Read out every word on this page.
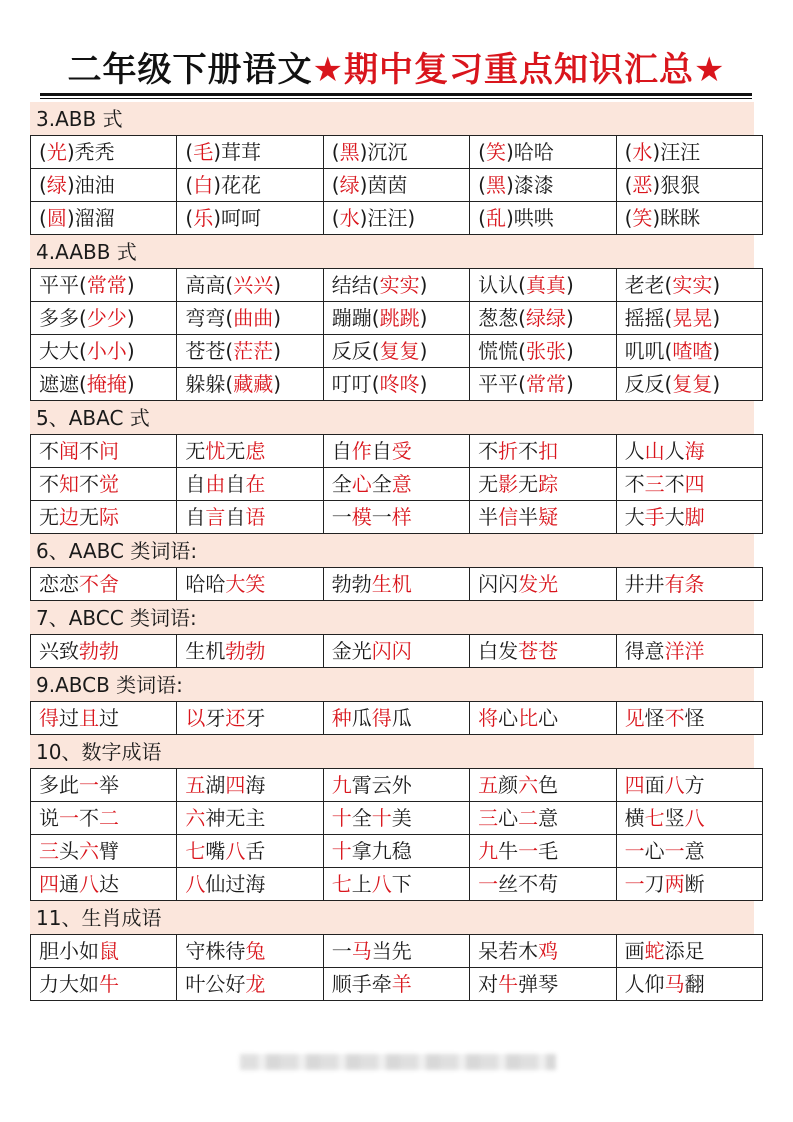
二年级下册语文★期中复习重点知识汇总★
3.ABB 式
(光)秃秃	(毛)茸茸	(黑)沉沉	(笑)哈哈	(水)汪汪
(绿)油油	(白)花花	(绿)茵茵	(黑)漆漆	(恶)狠狠
(圆)溜溜	(乐)呵呵	(水)汪汪)	(乱)哄哄	(笑)眯眯
4.AABB 式
平平(常常)	高高(兴兴)	结结(实实)	认认(真真)	老老(实实)
多多(少少)	弯弯(曲曲)	蹦蹦(跳跳)	葱葱(绿绿)	摇摇(晃晃)
大大(小小)	苍苍(茫茫)	反反(复复)	慌慌(张张)	叽叽(喳喳)
遮遮(掩掩)	躲躲(藏藏)	叮叮(咚咚)	平平(常常)	反反(复复)
5、ABAC 式
不闻不问	无忧无虑	自作自受	不折不扣	人山人海
不知不觉	自由自在	全心全意	无影无踪	不三不四
无边无际	自言自语	一模一样	半信半疑	大手大脚
6、AABC 类词语:
恋恋不舍	哈哈大笑	勃勃生机	闪闪发光	井井有条
7、ABCC 类词语:
兴致勃勃	生机勃勃	金光闪闪	白发苍苍	得意洋洋
9.ABCB 类词语:
得过且过	以牙还牙	种瓜得瓜	将心比心	见怪不怪
10、数字成语
多此一举	五湖四海	九霄云外	五颜六色	四面八方
说一不二	六神无主	十全十美	三心二意	横七竖八
三头六臂	七嘴八舌	十拿九稳	九牛一毛	一心一意
四通八达	八仙过海	七上八下	一丝不苟	一刀两断
11、生肖成语
胆小如鼠	守株待兔	一马当先	呆若木鸡	画蛇添足
力大如牛	叶公好龙	顺手牵羊	对牛弹琴	人仰马翻
